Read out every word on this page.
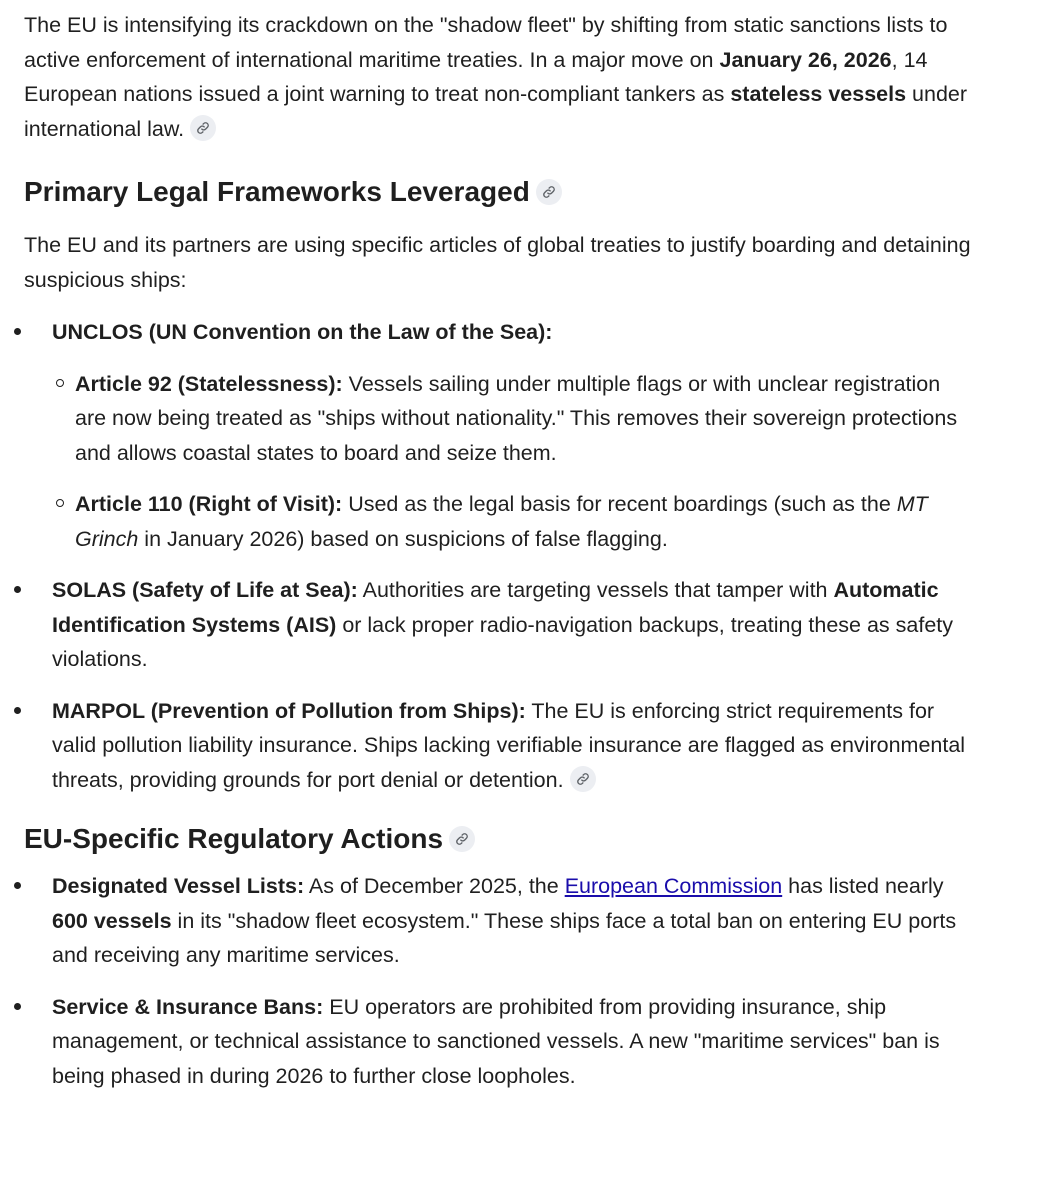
The EU is intensifying its crackdown on the "shadow fleet" by shifting from static sanctions lists to active enforcement of international maritime treaties. In a major move on January 26, 2026, 14 European nations issued a joint warning to treat non-compliant tankers as stateless vessels under international law.

Primary Legal Frameworks Leveraged

The EU and its partners are using specific articles of global treaties to justify boarding and detaining suspicious ships:

UNCLOS (UN Convention on the Law of the Sea):

Article 92 (Statelessness): Vessels sailing under multiple flags or with unclear registration are now being treated as "ships without nationality." This removes their sovereign protections and allows coastal states to board and seize them.

Article 110 (Right of Visit): Used as the legal basis for recent boardings (such as the MT Grinch in January 2026) based on suspicions of false flagging.

SOLAS (Safety of Life at Sea): Authorities are targeting vessels that tamper with Automatic Identification Systems (AIS) or lack proper radio-navigation backups, treating these as safety violations.

MARPOL (Prevention of Pollution from Ships): The EU is enforcing strict requirements for valid pollution liability insurance. Ships lacking verifiable insurance are flagged as environmental threats, providing grounds for port denial or detention.

EU-Specific Regulatory Actions

Designated Vessel Lists: As of December 2025, the European Commission has listed nearly 600 vessels in its "shadow fleet ecosystem." These ships face a total ban on entering EU ports and receiving any maritime services.

Service & Insurance Bans: EU operators are prohibited from providing insurance, ship management, or technical assistance to sanctioned vessels. A new "maritime services" ban is being phased in during 2026 to further close loopholes.
